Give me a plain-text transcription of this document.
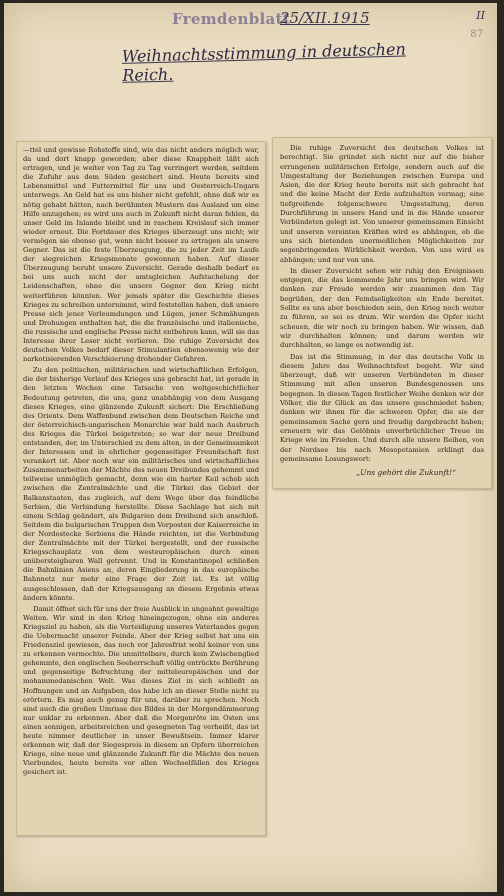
Fremdenblatt
25/XII.1915	II
87
Weihnachtsstimmung in deutschen Reich.

—ttel und gewisse Rohstoffe sind, wie das nicht anders möglich war, da und dort knapp geworden; aber diese Knappheit läßt sich ertragen, und je weiter von Tag zu Tag verringert werden, seitdem die Zufuhr aus dem Süden gesichert sind. Heute bereits sind Lebensmittel und Futtermittel für uns und Oesterreich-Ungarn unterwegs. An Geld hat es uns bisher nicht gefehlt, ohne daß wir es nötig gehabt hätten, nach berühmten Mustern das Ausland um eine Hilfe anzugehen; es wird uns auch in Zukunft nicht daran fehlen, da unser Geld im Inlande bleibt und in raschem Kreislauf sich immer wieder erneut. Die Fortdauer des Krieges überzeugt uns nicht; wir vermögen sie ebenso gut, wenn nicht besser zu ertragen als unsere Gegner. Das ist die feste Überzeugung, die zu jeder Zeit im Laufe der siegreichen Kriegsmonate gewonnen haben. Auf dieser Überzeugung beruht unsere Zuversicht. Gerade deshalb bedarf es bei uns auch nicht der amtsgleichen Aufstachelung der Leidenschaften, ohne die unsere Gegner den Krieg nicht weiterführen könnten. Wer jemals später die Geschichte dieses Krieges zu schreiben unternimmt, wird feststellen haben, daß unsere Presse sich jener Verleumdungen und Lügen, jener Schmähungen und Drohungen enthalten hat, die die französische und italienische, die russische und englische Presse nicht entbehren kann, will sie das Interesse ihrer Leser nicht verlieren. Die ruhige Zuversicht des deutschen Volkes bedarf dieser Stimulantien ebensowenig wie der narkotisierenden Verschleierung drohender Gefahren.

Zu den politischen, militärischen und wirtschaftlichen Erfolgen, die der bisherige Verlauf des Krieges uns gebracht hat, ist gerade in den letzten Wochen eine Tatsache von weltgeschichtlicher Bedeutung getreten, die uns, ganz unabhängig von dem Ausgang dieses Krieges, eine glänzende Zukunft sichert: Die Erschließung des Orients. Dem Waffenbund zwischen dem Deutschen Reiche und der österreichisch-ungarischen Monarchie war bald nach Ausbruch des Krieges die Türkei beigetreten; so war der neue Dreibund entstanden, der, im Unterschied zu dem alten, in der Gemeinsamkeit der Interessen und in ehrlicher gegenseitiger Freundschaft fest verankert ist. Aber noch war ein militärisches und wirtschaftliches Zusammenarbeiten der Mächte des neuen Dreibundes gehemmt und teilweise unmöglich gemacht, denn wie ein harter Keil schob sich zwischen die Zentralmächte und die Türkei das Gebiet der Balkanstaaten, das zugleich, auf dem Wege über das feindliche Serbien, die Verbindung herstellte. Diese Sachlage hat sich mit einem Schlag geändert, als Bulgarien dem Dreibund sich anschloß. Seitdem die bulgarischen Truppen den Vorposten der Kaiserreiche in der Nordostecke Serbiens die Hände reichten, ist die Verbindung der Zentralmächte mit der Türkei hergestellt, und der russische Kriegsschauplatz von dem westeuropäischen durch einen unübersteigbaren Wall getrennt. Und in Konstantinopel schließen die Bahnlinien Asiens an, deren Eingliederung in das europäische Bahnnetz nur mehr eine Frage der Zeit ist. Es ist völlig ausgeschlossen, daß der Kriegsausgang an diesem Ergebnis etwas ändern könnte.

Damit öffnet sich für uns der freie Ausblick in ungeahnt gewaltige Weiten. Wir sind in den Krieg hineingezogen, ohne ein anderes Kriegsziel zu haben, als die Verteidigung unseres Vaterlandes gegen die Uebermacht unserer Feinde. Aber der Krieg selbst hat uns ein Friedensziel gewiesen, das noch vor Jahresfrist wohl keiner von uns zu erkennen vermochte. Die unmittelbare, durch kein Zwischenglied gehemmte, den englischen Seeherrschaft völlig entrückte Berührung und gegenseitige Befruchtung der mitteleuropäischen und der mohammedanischen Welt. Was dieses Ziel in sich schließt an Hoffnungen und an Aufgaben, das habe ich an dieser Stelle nicht zu erörtern. Es mag auch genug für uns, darüber zu sprechen. Noch sind auch die großen Umrisse des Bildes in der Morgendämmerung nur unklar zu erkennen. Aber daß die Morgenröte im Osten uns einen sonnigen, arbeitsreichen und gesegneten Tag verheißt, das ist heute nimmer deutlicher in unser Bewußtsein. Immer klarer erkennen wir, daß der Siegespreis in diesem an Opfern überreichen Kriege, eine neue und glänzende Zukunft für die Mächte des neuen Vierbundes, heute bereits vor allen Wechselfällen des Krieges gesichert ist.

Die ruhige Zuversicht des deutschen Volkes ist berechtigt. Sie gründet sich nicht nur auf die bisher errungenen militärischen Erfolge, sondern auch auf die Umgestaltung der Beziehungen zwischen Europa und Asien, die der Krieg heute bereits mit sich gebracht hat und die keine Macht der Erde aufzuhalten vermag; eine tiefgreifende folgenschwere Umgestaltung, deren Durchführung in unsere Hand und in die Hände unserer Verbündeten gelegt ist. Von unserer gemeinsamen Einsicht und unseren vereinten Kräften wird es abhängen, ob die uns sich bietenden unermeßlichen Möglichkeiten zur segenbringenden Wirklichkeit werden. Von uns wird es abhängen; und nur von uns.

In dieser Zuversicht sehen wir ruhig den Ereignissen entgegen, die das kommende Jahr uns bringen wird. Wir danken zur Freude werden wir zusammen den Tag begrüßen, der den Feindseligkeiten ein Ende bereitet. Sollte es uns aber beschieden sein, den Krieg noch weiter zu führen, so sei es drum. Wir werden die Opfer nicht scheuen, die wir noch zu bringen haben. Wir wissen, daß wir durchhalten können; und darum werden wir durchhalten, so lange es notwendig ist.

Das ist die Stimmung, in der das deutsche Volk in diesem Jahre das Weihnachtsfest begeht. Wir sind überzeugt, daß wir unseren Verbündeten in dieser Stimmung mit allen unseren Bundesgenossen uns begegnen. In diesen Tagen festlicher Weihe denken wir der Völker, die ihr Glück an das unsere geschmiedet haben; danken wir ihnen für die schweren Opfer, die sie der gemeinsamen Sache gern und freudig dargebracht haben; erneuern wir das Gelöbnis unverbrüchlicher Treue im Kriege wie im Frieden. Und durch alle unsere Reihen, von der Nordsee bis nach Mesopotamien erklingt das gemeinsame Losungswort:

„Uns gehört die Zukunft!“
